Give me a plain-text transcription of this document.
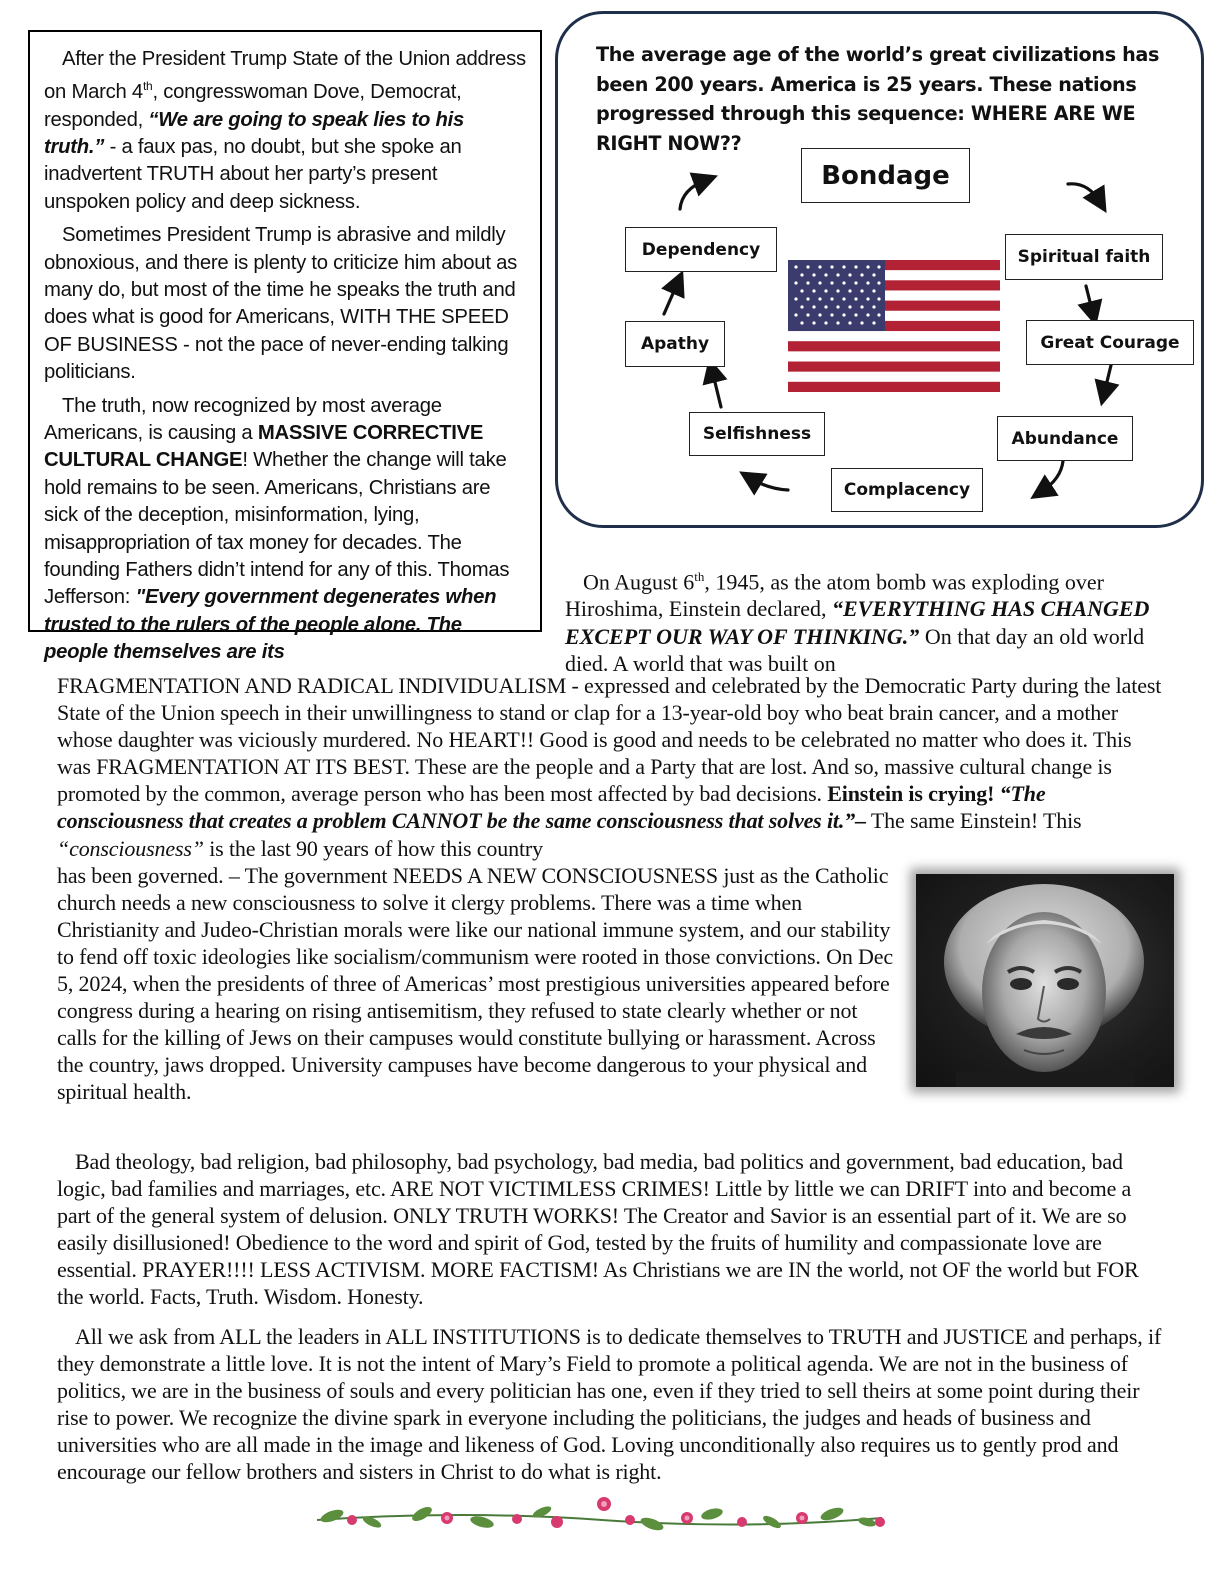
After the President Trump State of the Union address on March 4th, congresswoman Dove, Democrat, responded, “We are going to speak lies to his truth.” - a faux pas, no doubt, but she spoke an inadvertent TRUTH about her party’s present unspoken policy and deep sickness.

Sometimes President Trump is abrasive and mildly obnoxious, and there is plenty to criticize him about as many do, but most of the time he speaks the truth and does what is good for Americans, WITH THE SPEED OF BUSINESS - not the pace of never-ending talking politicians.

The truth, now recognized by most average Americans, is causing a MASSIVE CORRECTIVE CULTURAL CHANGE! Whether the change will take hold remains to be seen. Americans, Christians are sick of the deception, misinformation, lying, misappropriation of tax money for decades. The founding Fathers didn’t intend for any of this. Thomas Jefferson: "Every government degenerates when trusted to the rulers of the people alone. The people themselves are its

The average age of the world’s great civilizations has been 200 years. America is 25 years. These nations progressed through this sequence: WHERE ARE WE RIGHT NOW??
Bondage
Spiritual faith
Great Courage
Abundance
Complacency
Selfishness
Apathy
Dependency
On August 6th, 1945, as the atom bomb was exploding over Hiroshima, Einstein declared, “EVERYTHING HAS CHANGED EXCEPT OUR WAY OF THINKING.” On that day an old world died. A world that was built on

FRAGMENTATION AND RADICAL INDIVIDUALISM - expressed and celebrated by the Democratic Party during the latest State of the Union speech in their unwillingness to stand or clap for a 13-year-old boy who beat brain cancer, and a mother whose daughter was viciously murdered. No HEART!! Good is good and needs to be celebrated no matter who does it. This was FRAGMENTATION AT ITS BEST. These are the people and a Party that are lost. And so, massive cultural change is promoted by the common, average person who has been most affected by bad decisions. Einstein is crying! “The consciousness that creates a problem CANNOT be the same consciousness that solves it.”– The same Einstein! This “consciousness” is the last 90 years of how this country

has been governed. – The government NEEDS A NEW CONSCIOUSNESS just as the Catholic church needs a new consciousness to solve it clergy problems. There was a time when Christianity and Judeo-Christian morals were like our national immune system, and our stability to fend off toxic ideologies like socialism/communism were rooted in those convictions. On Dec 5, 2024, when the presidents of three of Americas’ most prestigious universities appeared before congress during a hearing on rising antisemitism, they refused to state clearly whether or not calls for the killing of Jews on their campuses would constitute bullying or harassment. Across the country, jaws dropped. University campuses have become dangerous to your physical and spiritual health.

Bad theology, bad religion, bad philosophy, bad psychology, bad media, bad politics and government, bad education, bad logic, bad families and marriages, etc. ARE NOT VICTIMLESS CRIMES! Little by little we can DRIFT into and become a part of the general system of delusion. ONLY TRUTH WORKS! The Creator and Savior is an essential part of it. We are so easily disillusioned! Obedience to the word and spirit of God, tested by the fruits of humility and compassionate love are essential. PRAYER!!!! LESS ACTIVISM. MORE FACTISM! As Christians we are IN the world, not OF the world but FOR the world. Facts, Truth. Wisdom. Honesty.

All we ask from ALL the leaders in ALL INSTITUTIONS is to dedicate themselves to TRUTH and JUSTICE and perhaps, if they demonstrate a little love. It is not the intent of Mary’s Field to promote a political agenda. We are not in the business of politics, we are in the business of souls and every politician has one, even if they tried to sell theirs at some point during their rise to power. We recognize the divine spark in everyone including the politicians, the judges and heads of business and universities who are all made in the image and likeness of God. Loving unconditionally also requires us to gently prod and encourage our fellow brothers and sisters in Christ to do what is right.
